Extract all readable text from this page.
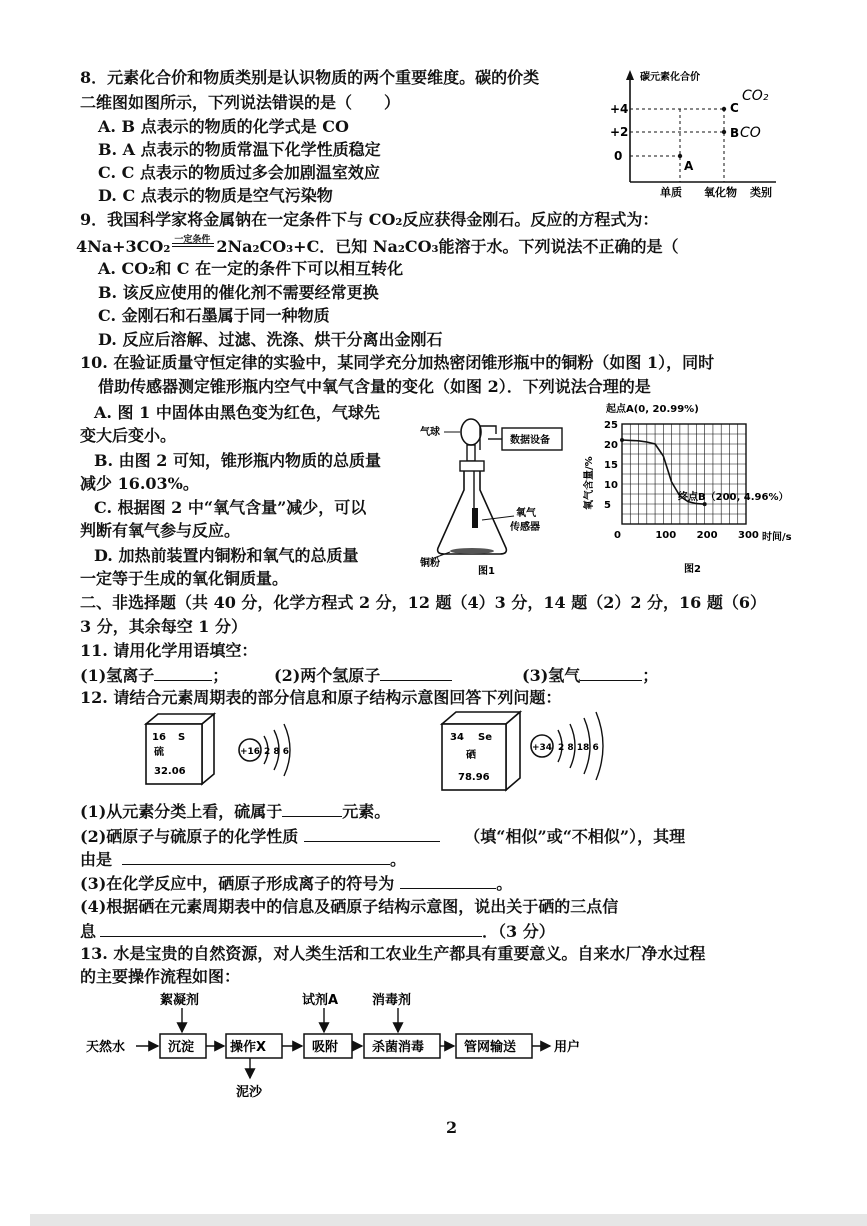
8．元素化合价和物质类别是认识物质的两个重要维度。碳的价类
二维图如图所示，下列说法错误的是（　　）
A. B 点表示的物质的化学式是 CO
B. A 点表示的物质常温下化学性质稳定
C. C 点表示的物质过多会加剧温室效应
D. C 点表示的物质是空气污染物
碳元素化合价
+4
+2
0
A
B
C
CO₂
CO
单质 氧化物 类别
9．我国科学家将金属钠在一定条件下与 CO₂反应获得金刚石。反应的方程式为：
4Na+3CO₂ 一定条件 2Na₂CO₃+C．已知 Na₂CO₃能溶于水。下列说法不正确的是（
A. CO₂和 C 在一定的条件下可以相互转化
B. 该反应使用的催化剂不需要经常更换
C. 金刚石和石墨属于同一种物质
D. 反应后溶解、过滤、洗涤、烘干分离出金刚石
10. 在验证质量守恒定律的实验中，某同学充分加热密闭锥形瓶中的铜粉（如图 1），同时
借助传感器测定锥形瓶内空气中氧气含量的变化（如图 2）．下列说法合理的是
A. 图 1 中固体由黑色变为红色，气球先
变大后变小。
B. 由图 2 可知，锥形瓶内物质的总质量
减少 16.03%。
C. 根据图 2 中“氧气含量”减少，可以
判断有氧气参与反应。
D. 加热前装置内铜粉和氧气的总质量
一定等于生成的氧化铜质量。
气球
数据设备
氧气
传感器
铜粉
图1
起点A(0, 20.99%)
25
20
15
10
5
0	100 200 300
氧气含量/%
时间/s
终点B（200, 4.96%）
图2
二、非选择题（共 40 分，化学方程式 2 分，12 题（4）3 分，14 题（2）2 分，16 题（6）
3 分，其余每空 1 分）
11. 请用化学用语填空：
(1)氢离子	；	(2)两个氢原子	(3)氢气	；
12. 请结合元素周期表的部分信息和原子结构示意图回答下列问题：
16 S
硫
32.06
+16 2 8 6
34 Se
硒
78.96
+34 2 8 18 6
(1)从元素分类上看，硫属于	元素。
(2)硒原子与硫原子的化学性质	（填“相似”或“不相似”），其理
由是	。
(3)在化学反应中，硒原子形成离子的符号为	。
(4)根据硒在元素周期表中的信息及硒原子结构示意图，说出关于硒的三点信
息	．（3 分）
13. 水是宝贵的自然资源，对人类生活和工农业生产都具有重要意义。自来水厂净水过程
的主要操作流程如图：
天然水	沉淀	操作X	吸附	杀菌消毒	管网输送	用户
絮凝剂	试剂A	消毒剂
泥沙
2
